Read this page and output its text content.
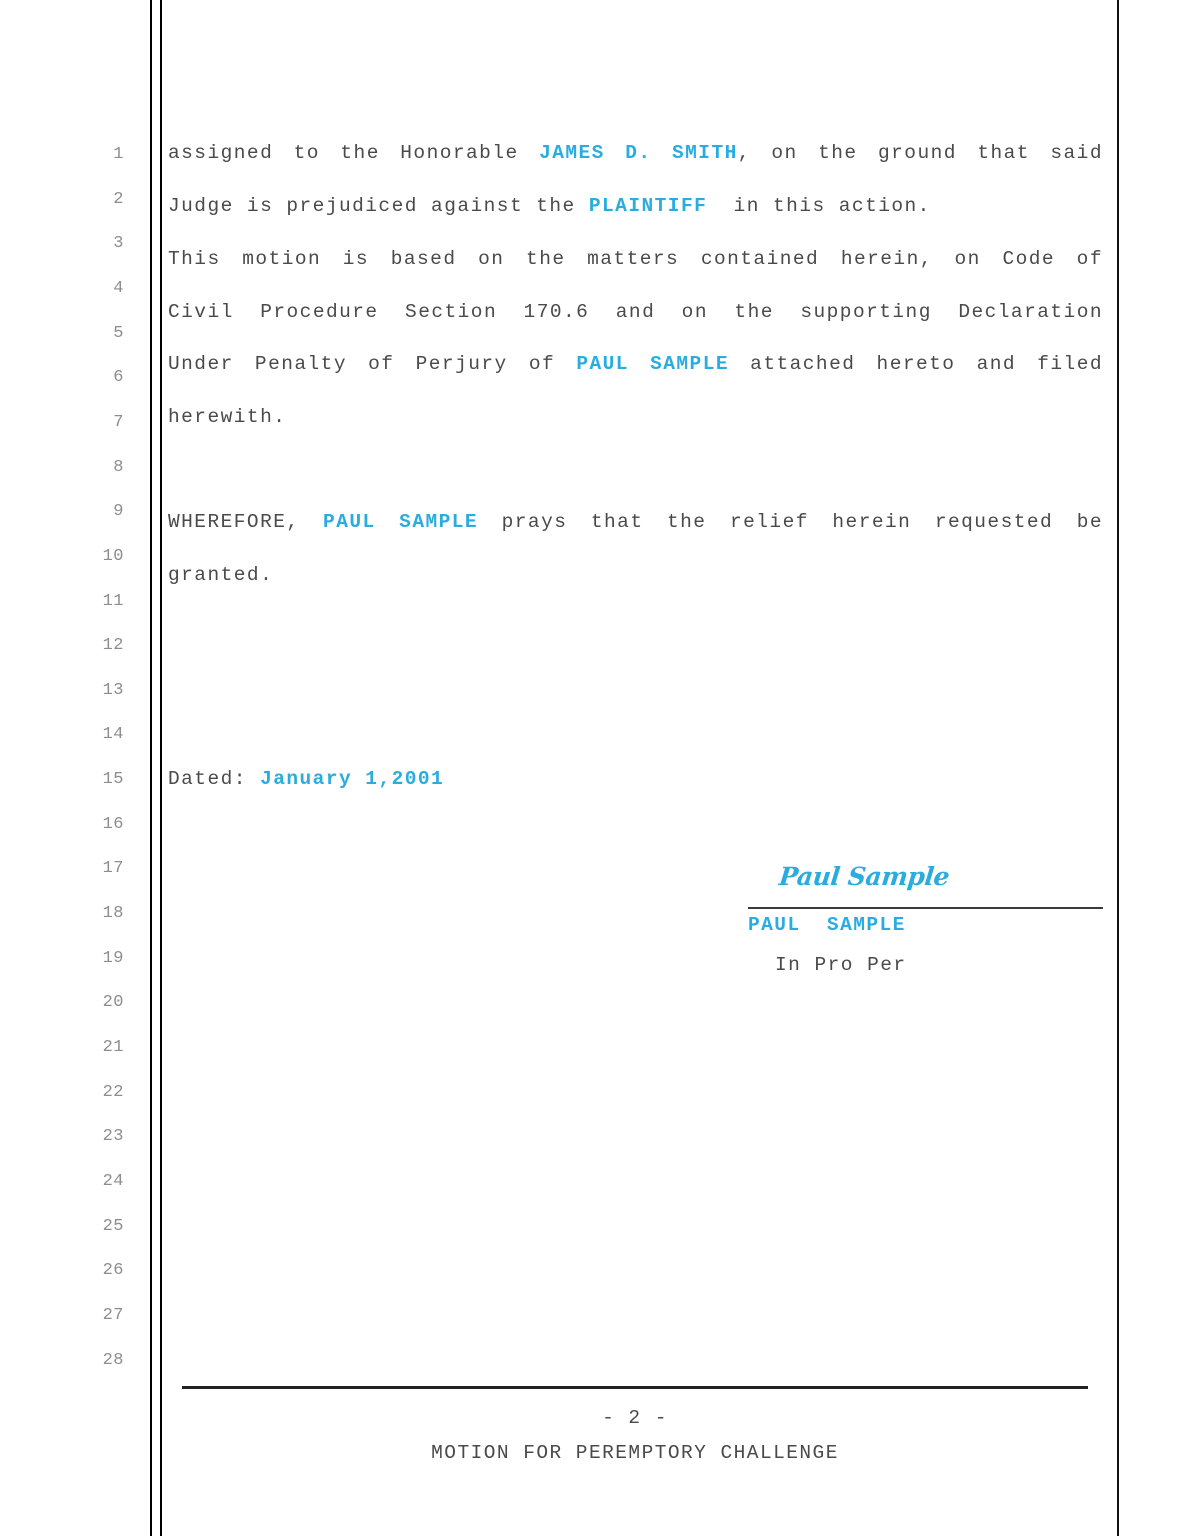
1
2
3
4
5
6
7
8
9
10
11
12
13
14
15
16
17
18
19
20
21
22
23
24
25
26
27
28
assigned to the Honorable JAMES D. SMITH, on the ground that said
Judge is prejudiced against the PLAINTIFF  in this action.
This motion is based on the matters contained herein, on Code of
Civil Procedure Section 170.6 and on the supporting Declaration
Under Penalty of Perjury of PAUL SAMPLE attached hereto and filed
herewith.
WHEREFORE, PAUL SAMPLE prays that the relief herein requested be
granted.
Dated: January 1,2001
Paul Sample
PAUL  SAMPLE
In Pro Per
- 2 -
MOTION FOR PEREMPTORY CHALLENGE
